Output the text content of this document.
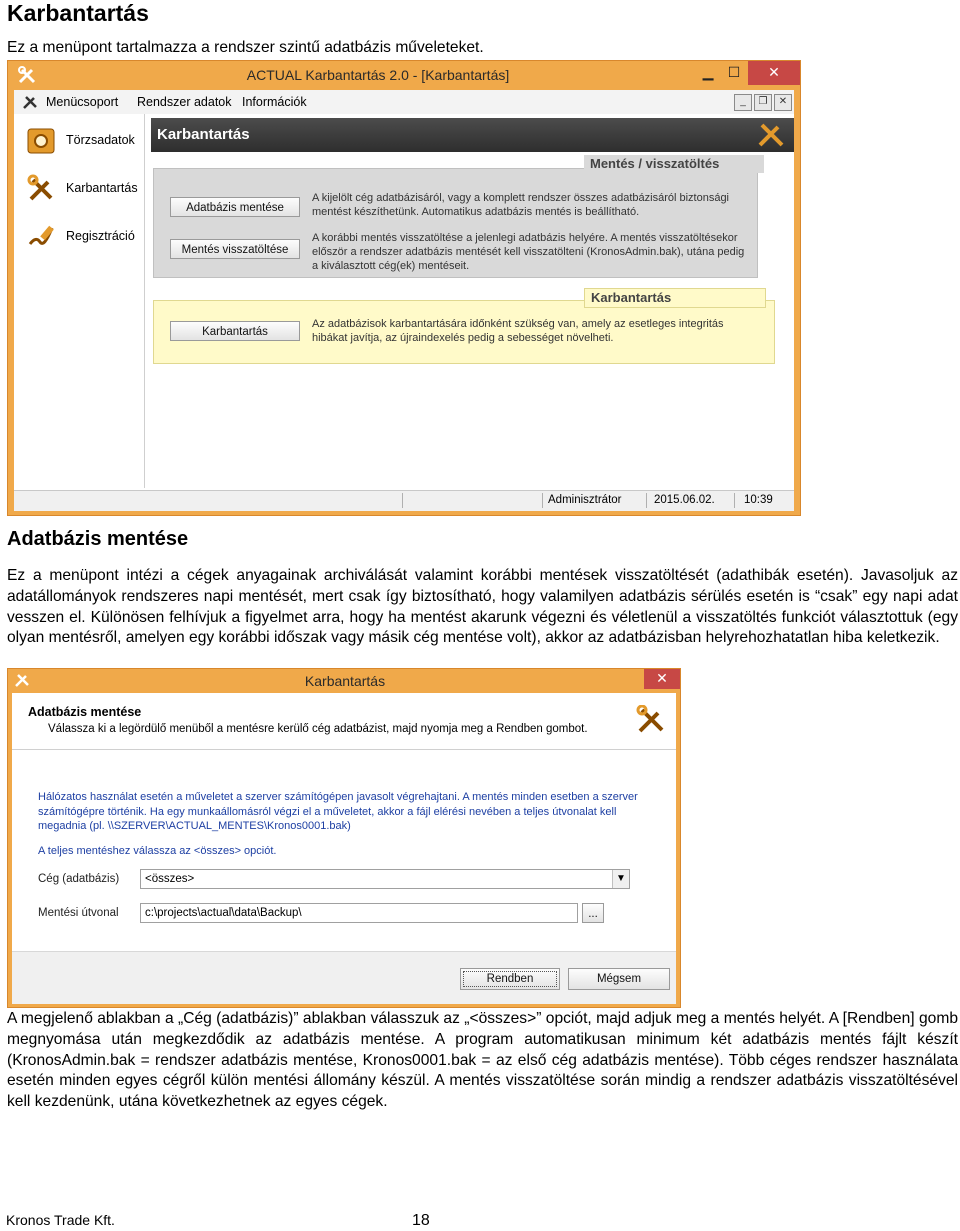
Karbantartás
Ez a menüpont tartalmazza a rendszer szintű adatbázis műveleteket.
ACTUAL Karbantartás 2.0 - [Karbantartás]	▁	☐	✕
Menücsoport Rendszer adatok Információk	_	❐	✕
Törzsadatok
Karbantartás
Regisztráció
Karbantartás
Adatbázis mentése
Mentés visszatöltése
A kijelölt cég adatbázisáról, vagy a komplett rendszer összes adatbázisáról biztonsági mentést készíthetünk. Automatikus adatbázis mentés is beállítható.
A korábbi mentés visszatöltése a jelenlegi adatbázis helyére. A mentés visszatöltésekor először a rendszer adatbázis mentését kell visszatölteni (KronosAdmin.bak), utána pedig a kiválasztott cég(ek) mentéseit.
Mentés / visszatöltés
Karbantartás
Az adatbázisok karbantartására időnként szükség van, amely az esetleges integritás hibákat javítja, az újraindexelés pedig a sebességet növelheti.
Karbantartás
Adminisztrátor	2015.06.02.	10:39
Adatbázis mentése
Ez a menüpont intézi a cégek anyagainak archiválását valamint korábbi mentések visszatöltését (adathibák esetén). Javasoljuk az adatállományok rendszeres napi mentését, mert csak így biztosítható, hogy valamilyen adatbázis sérülés esetén is “csak” egy napi adat vesszen el. Különösen felhívjuk a figyelmet arra, hogy ha mentést akarunk végezni és véletlenül a visszatöltés funkciót választottuk (egy olyan mentésről, amelyen egy korábbi időszak vagy másik cég mentése volt), akkor az adatbázisban helyrehozhatatlan hiba keletkezik.
Karbantartás	✕
Adatbázis mentése
Válassza ki a legördülő menüből a mentésre kerülő cég adatbázist, majd nyomja meg a Rendben gombot.
Hálózatos használat esetén a műveletet a szerver számítógépen javasolt végrehajtani. A mentés minden esetben a szerver számítógépre történik. Ha egy munkaállomásról végzi el a műveletet, akkor a fájl elérési nevében a teljes útvonalat kell megadnia (pl. \\SZERVER\ACTUAL_MENTES\Kronos0001.bak)
A teljes mentéshez válassza az <összes> opciót.
Cég (adatbázis)	<összes>	▼
Mentési útvonal
c:\projects\actual\data\Backup\	...
Rendben	Mégsem
A megjelenő ablakban a „Cég (adatbázis)” ablakban válasszuk az „<összes>” opciót, majd adjuk meg a mentés helyét. A [Rendben] gomb megnyomása után megkezdődik az adatbázis mentése. A program automatikusan minimum két adatbázis mentés fájlt készít (KronosAdmin.bak = rendszer adatbázis mentése, Kronos0001.bak = az első cég adatbázis mentése). Több céges rendszer használata esetén minden egyes cégről külön mentési állomány készül. A mentés visszatöltése során mindig a rendszer adatbázis visszatöltésével kell kezdenünk, utána következhetnek az egyes cégek.
Kronos Trade Kft.	18
